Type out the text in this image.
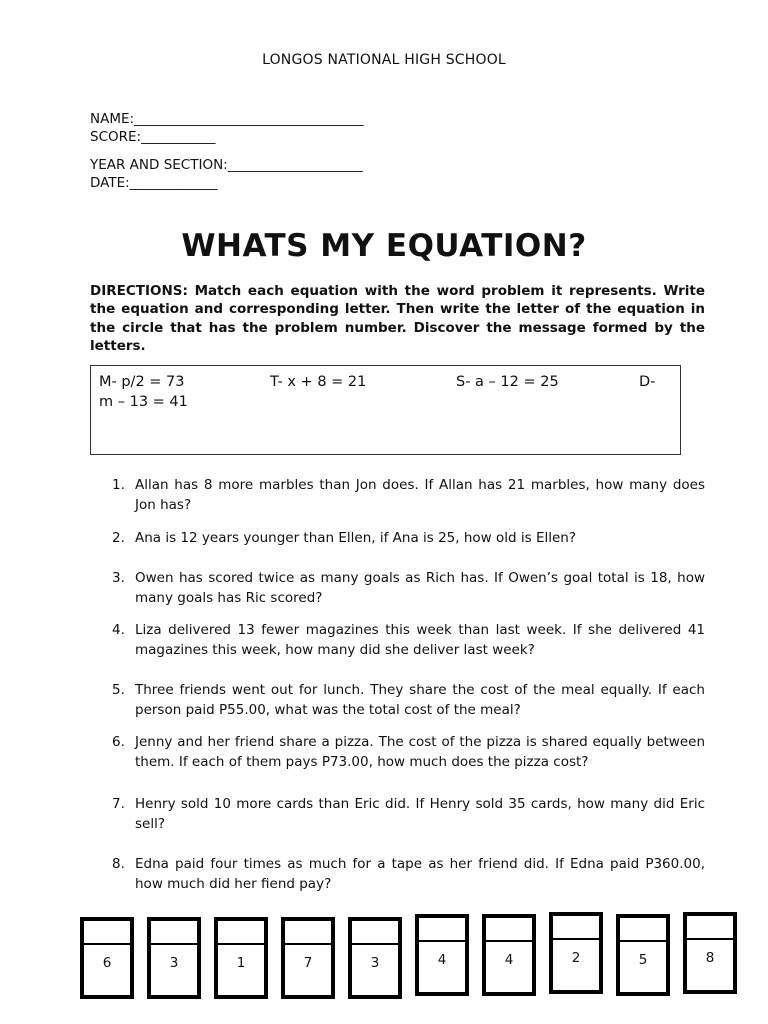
LONGOS NATIONAL HIGH SCHOOL
NAME:__________________________________
SCORE:___________
YEAR AND SECTION:____________________
DATE:_____________
WHATS MY EQUATION?
DIRECTIONS: Match each equation with the word problem it represents. Write the equation and corresponding letter. Then write the letter of the equation in the circle that has the problem number. Discover the message formed by the letters.
M- p/2 = 73	T- x + 8 = 21	S- a – 12 = 25	D-
m – 13 = 41
1. Allan has 8 more marbles than Jon does. If Allan has 21 marbles, how many does Jon has?
2. Ana is 12 years younger than Ellen, if Ana is 25, how old is Ellen?
3. Owen has scored twice as many goals as Rich has. If Owen’s goal total is 18, how many goals has Ric scored?
4. Liza delivered 13 fewer magazines this week than last week. If she delivered 41 magazines this week, how many did she deliver last week?
5. Three friends went out for lunch. They share the cost of the meal equally. If each person paid P55.00, what was the total cost of the meal?
6. Jenny and her friend share a pizza. The cost of the pizza is shared equally between them. If each of them pays P73.00, how much does the pizza cost?
7. Henry sold 10 more cards than Eric did. If Henry sold 35 cards, how many did Eric sell?
8. Edna paid four times as much for a tape as her friend did. If Edna paid P360.00, how much did her fiend pay?
6	3	1	7	3	4	4	2	5	8
